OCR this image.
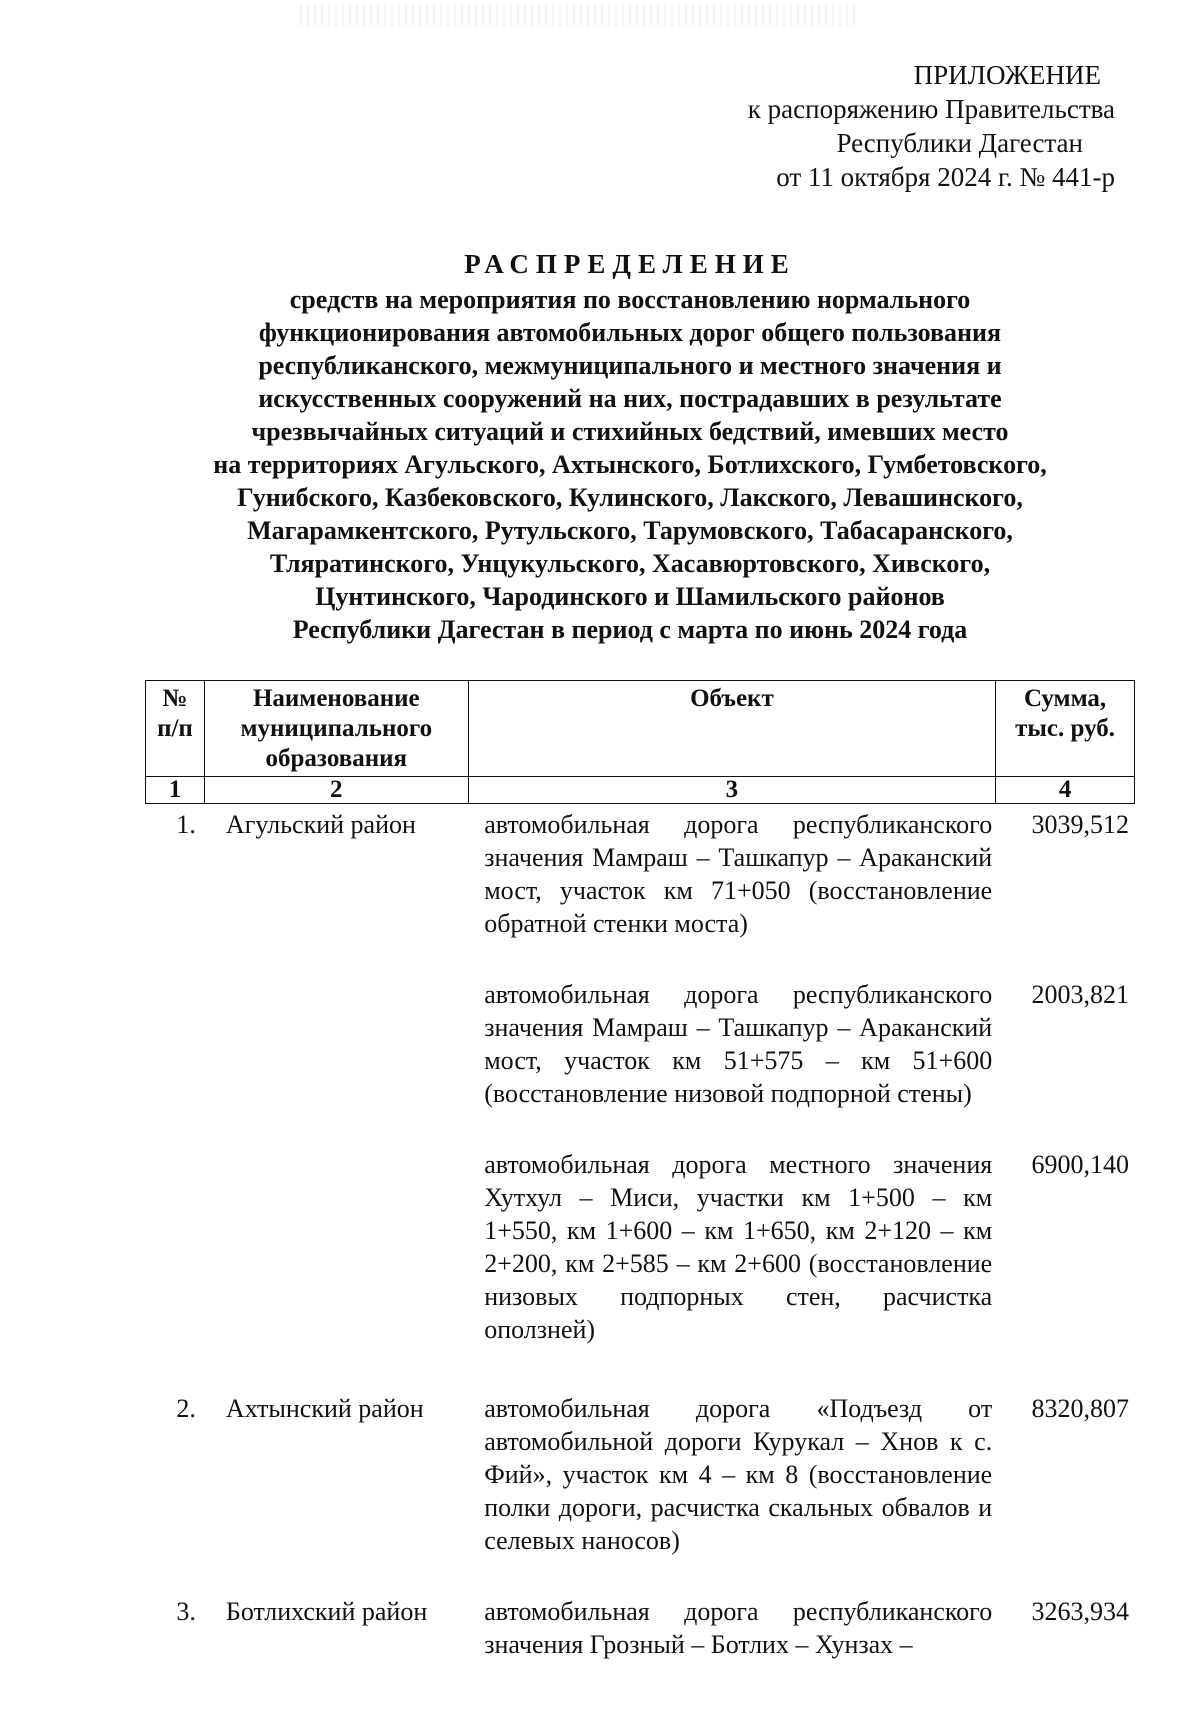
ПРИЛОЖЕНИЕ
к распоряжению Правительства
Республики Дагестан
от 11 октября 2024 г. № 441-р
РАСПРЕДЕЛЕНИЕ
средств на мероприятия по восстановлению нормального
функционирования автомобильных дорог общего пользования
республиканского, межмуниципального и местного значения и
искусственных сооружений на них, пострадавших в результате
чрезвычайных ситуаций и стихийных бедствий, имевших место
на территориях Агульского, Ахтынского, Ботлихского, Гумбетовского,
Гунибского, Казбековского, Кулинского, Лакского, Левашинского,
Магарамкентского, Рутульского, Тарумовского, Табасаранского,
Тляратинского, Унцукульского, Хасавюртовского, Хивского,
Цунтинского, Чародинского и Шамильского районов
Республики Дагестан в период с марта по июнь 2024 года
№ п/п	Наименование муниципального образования	Объект	Сумма, тыс. руб.
1	2	3	4
1.	Агульский район	автомобильная дорога республиканского значения Мамраш – Ташкапур – Араканский мост, участок км 71+050 (восстановление обратной стенки моста)	3039,512

		автомобильная дорога республиканского значения Мамраш – Ташкапур – Араканский мост, участок км 51+575 – км 51+600 (восстановление низовой подпорной стены)	2003,821

		автомобильная дорога местного значения Хутхул – Миси, участки км 1+500 – км 1+550, км 1+600 – км 1+650, км 2+120 – км 2+200, км 2+585 – км 2+600 (восстановление низовых подпорных стен, расчистка оползней)	6900,140

2.	Ахтынский район	автомобильная дорога «Подъезд от автомобильной дороги Курукал – Хнов к с. Фий», участок км 4 – км 8 (восстановление полки дороги, расчистка скальных обвалов и селевых наносов)	8320,807

3.	Ботлихский район	автомобильная дорога республиканского значения Грозный – Ботлих – Хунзах –	3263,934
